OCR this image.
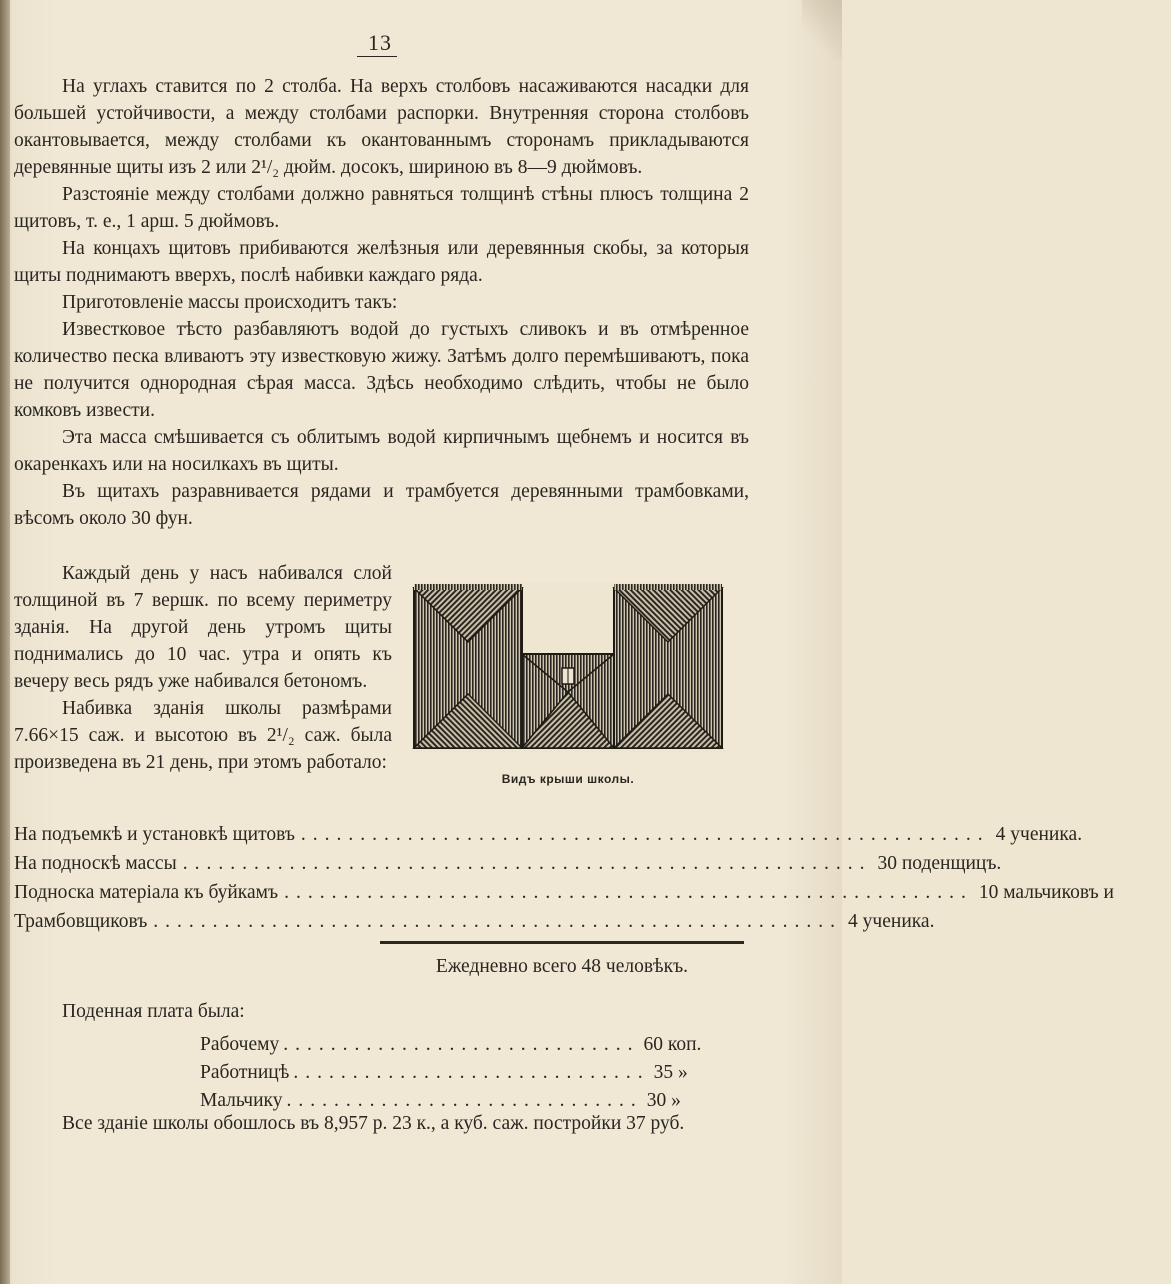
13

На углахъ ставится по 2 столба. На верхъ столбовъ насаживаются насадки для большей устойчивости, а между столбами распорки. Внутренняя сторона столбовъ окантовывается, между столбами къ окантованнымъ сторонамъ прикладываются деревянные щиты изъ 2 или 2¹/₂ дюйм. досокъ, шириною въ 8—9 дюймовъ.

Разстояніе между столбами должно равняться толщинѣ стѣны плюсъ толщина 2 щитовъ, т. е., 1 арш. 5 дюймовъ.

На концахъ щитовъ прибиваются желѣзныя или деревянныя скобы, за которыя щиты поднимаютъ вверхъ, послѣ набивки каждаго ряда.

Приготовленіе массы происходитъ такъ:

Известковое тѣсто разбавляютъ водой до густыхъ сливокъ и въ отмѣренное количество песка вливаютъ эту известковую жижу. Затѣмъ долго перемѣшиваютъ, пока не получится однородная сѣрая масса. Здѣсь необходимо слѣдить, чтобы не было комковъ извести.

Эта масса смѣшивается съ облитымъ водой кирпичнымъ щебнемъ и носится въ окаренкахъ или на носилкахъ въ щиты.

Въ щитахъ разравнивается рядами и трамбуется деревянными трамбовками, вѣсомъ около 30 фун.

Каждый день у насъ набивался слой толщиной въ 7 вершк. по всему периметру зданія. На другой день утромъ щиты поднимались до 10 час. утра и опять къ вечеру весь рядъ уже набивался бетономъ.

Набивка зданія школы размѣрами 7.66×15 саж. и высотою въ 2¹/₂ саж. была произведена въ 21 день, при этомъ работало:

Видъ крыши школы.
На подъемкѣ и установкѣ щитовъ .......................................................... 4 ученика.
На подноскѣ массы .......................................................... 30 поденщицъ.
Подноска матеріала къ буйкамъ .......................................................... 10 мальчиковъ и
Трамбовщиковъ .......................................................... 4 ученика.
Ежедневно всего 48 человѣкъ.
Поденная плата была:
Рабочему .............................. 60 коп.
Работницѣ .............................. 35 »
Мальчику .............................. 30 »

Все зданіе школы обошлось въ 8,957 р. 23 к., а куб. саж. постройки 37 руб.
